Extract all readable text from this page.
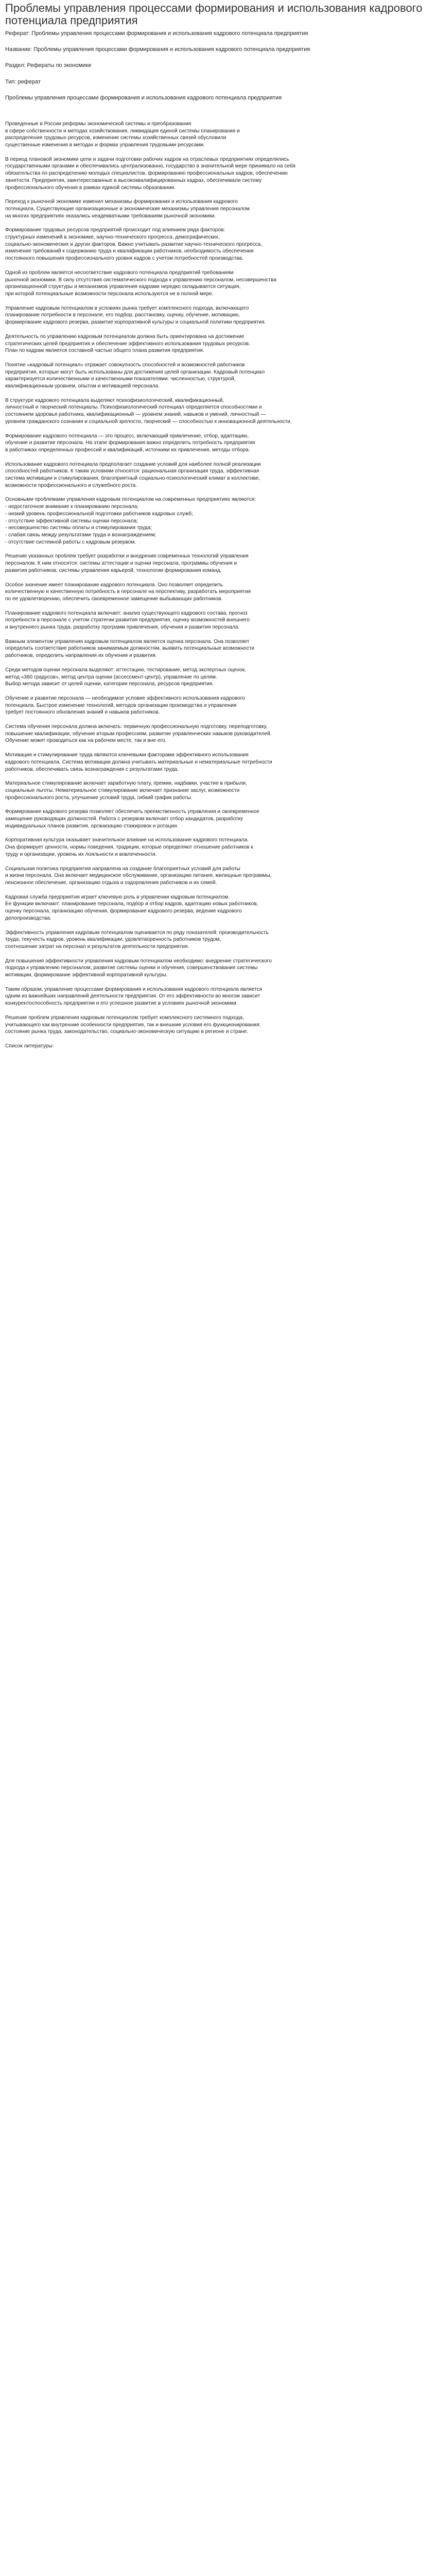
Проблемы управления процессами формирования и использования кадрового потенциала предприятия
Реферат: Проблемы управления процессами формирования и использования кадрового потенциала предприятия
Название: Проблемы управления процессами формирования и использования кадрового потенциала предприятия
Раздел: Рефераты по экономике
Тип: реферат
Проблемы управления процессами формирования и использования кадрового потенциала предприятия

Проведенные в России реформы экономической системы и преобразования
в сфере собственности и методах хозяйствования, ликвидация единой системы планирования и
распределения трудовых ресурсов, изменение системы хозяйственных связей обусловили
существенные изменения в методах и формах управления трудовыми ресурсами.

В период плановой экономики цели и задачи подготовки рабочих кадров на отраслевых предприятиях определялись
государственными органами и обеспечивались централизованно, государство в значительной мере принимало на себя
обязательства по распределению молодых специалистов, формированию профессиональных кадров, обеспечению
занятости. Предприятия, заинтересованные в высококвалифицированных кадрах, обеспечивали систему
профессионального обучения в рамках единой системы образования.

Переход к рыночной экономике изменил механизмы формирования и использования кадрового
потенциала. Существующие организационные и экономические механизмы управления персоналом
на многих предприятиях оказались неадекватными требованиям рыночной экономики.

Формирование трудовых ресурсов предприятий происходит под влиянием ряда факторов:
структурных изменений в экономике, научно-технического прогресса, демографических,
социально-экономических и других факторов. Важно учитывать развитие научно-технического прогресса,
изменение требований к содержанию труда и квалификации работников, необходимость обеспечения
постоянного повышения профессионального уровня кадров с учетом потребностей производства.

Одной из проблем является несоответствие кадрового потенциала предприятий требованиям
рыночной экономики. В силу отсутствия систематического подхода к управлению персоналом, несовершенства
организационной структуры и механизмов управления кадрами нередко складывается ситуация,
при которой потенциальные возможности персонала используются не в полной мере.

Управление кадровым потенциалом в условиях рынка требует комплексного подхода, включающего
планирование потребности в персонале, его подбор, расстановку, оценку, обучение, мотивацию,
формирование кадрового резерва, развитие корпоративной культуры и социальной политики предприятия.

Деятельность по управлению кадровым потенциалом должна быть ориентирована на достижение
стратегических целей предприятия и обеспечение эффективного использования трудовых ресурсов.
План по кадрам является составной частью общего плана развития предприятия.

Понятие «кадровый потенциал» отражает совокупность способностей и возможностей работников
предприятия, которые могут быть использованы для достижения целей организации. Кадровый потенциал
характеризуется количественными и качественными показателями: численностью, структурой,
квалификационным уровнем, опытом и мотивацией персонала.

В структуре кадрового потенциала выделяют психофизиологический, квалификационный,
личностный и творческий потенциалы. Психофизиологический потенциал определяется способностями и
состоянием здоровья работника, квалификационный — уровнем знаний, навыков и умений, личностный —
уровнем гражданского сознания и социальной зрелости, творческий — способностью к инновационной деятельности.

Формирование кадрового потенциала — это процесс, включающий привлечение, отбор, адаптацию,
обучение и развитие персонала. На этапе формирования важно определить потребность предприятия
в работниках определенных профессий и квалификаций, источники их привлечения, методы отбора.

Использование кадрового потенциала предполагает создание условий для наиболее полной реализации
способностей работников. К таким условиям относятся: рациональная организация труда, эффективная
система мотивации и стимулирования, благоприятный социально-психологический климат в коллективе,
возможности профессионального и служебного роста.

Основными проблемами управления кадровым потенциалом на современных предприятиях являются:
- недостаточное внимание к планированию персонала;
- низкий уровень профессиональной подготовки работников кадровых служб;
- отсутствие эффективной системы оценки персонала;
- несовершенство системы оплаты и стимулирования труда;
- слабая связь между результатами труда и вознаграждением;
- отсутствие системной работы с кадровым резервом.

Решение указанных проблем требует разработки и внедрения современных технологий управления
персоналом. К ним относятся: системы аттестации и оценки персонала, программы обучения и
развития работников, системы управления карьерой, технологии формирования команд.

Особое значение имеет планирование кадрового потенциала. Оно позволяет определить
количественную и качественную потребность в персонале на перспективу, разработать мероприятия
по ее удовлетворению, обеспечить своевременное замещение выбывающих работников.

Планирование кадрового потенциала включает: анализ существующего кадрового состава, прогноз
потребности в персонале с учетом стратегии развития предприятия, оценку возможностей внешнего
и внутреннего рынка труда, разработку программ привлечения, обучения и развития персонала.

Важным элементом управления кадровым потенциалом является оценка персонала. Она позволяет
определить соответствие работников занимаемым должностям, выявить потенциальные возможности
работников, определить направления их обучения и развития.

Среди методов оценки персонала выделяют: аттестацию, тестирование, метод экспертных оценок,
метод «360 градусов», метод центра оценки (ассессмент-центр), управление по целям.
Выбор метода зависит от целей оценки, категории персонала, ресурсов предприятия.

Обучение и развитие персонала — необходимое условие эффективного использования кадрового
потенциала. Быстрое изменение технологий, методов организации производства и управления
требует постоянного обновления знаний и навыков работников.

Система обучения персонала должна включать: первичную профессиональную подготовку, переподготовку,
повышение квалификации, обучение вторым профессиям, развитие управленческих навыков руководителей.
Обучение может проводиться как на рабочем месте, так и вне его.

Мотивация и стимулирование труда являются ключевыми факторами эффективного использования
кадрового потенциала. Система мотивации должна учитывать материальные и нематериальные потребности
работников, обеспечивать связь вознаграждения с результатами труда.

Материальное стимулирование включает заработную плату, премии, надбавки, участие в прибыли,
социальные льготы. Нематериальное стимулирование включает признание заслуг, возможности
профессионального роста, улучшение условий труда, гибкий график работы.

Формирование кадрового резерва позволяет обеспечить преемственность управления и своевременное
замещение руководящих должностей. Работа с резервом включает отбор кандидатов, разработку
индивидуальных планов развития, организацию стажировок и ротации.

Корпоративная культура оказывает значительное влияние на использование кадрового потенциала.
Она формирует ценности, нормы поведения, традиции, которые определяют отношение работников к
труду и организации, уровень их лояльности и вовлеченности.

Социальная политика предприятия направлена на создание благоприятных условий для работы
и жизни персонала. Она включает медицинское обслуживание, организацию питания, жилищные программы,
пенсионное обеспечение, организацию отдыха и оздоровления работников и их семей.

Кадровая служба предприятия играет ключевую роль в управлении кадровым потенциалом.
Ее функции включают: планирование персонала, подбор и отбор кадров, адаптацию новых работников,
оценку персонала, организацию обучения, формирование кадрового резерва, ведение кадрового
делопроизводства.

Эффективность управления кадровым потенциалом оценивается по ряду показателей: производительность
труда, текучесть кадров, уровень квалификации, удовлетворенность работников трудом,
соотношение затрат на персонал и результатов деятельности предприятия.

Для повышения эффективности управления кадровым потенциалом необходимо: внедрение стратегического
подхода к управлению персоналом, развитие системы оценки и обучения, совершенствование системы
мотивации, формирование эффективной корпоративной культуры.

Таким образом, управление процессами формирования и использования кадрового потенциала является
одним из важнейших направлений деятельности предприятия. От его эффективности во многом зависит
конкурентоспособность предприятия и его успешное развитие в условиях рыночной экономики.

Решение проблем управления кадровым потенциалом требует комплексного системного подхода,
учитывающего как внутренние особенности предприятия, так и внешние условия его функционирования:
состояние рынка труда, законодательство, социально-экономическую ситуацию в регионе и стране.

Список литературы:
